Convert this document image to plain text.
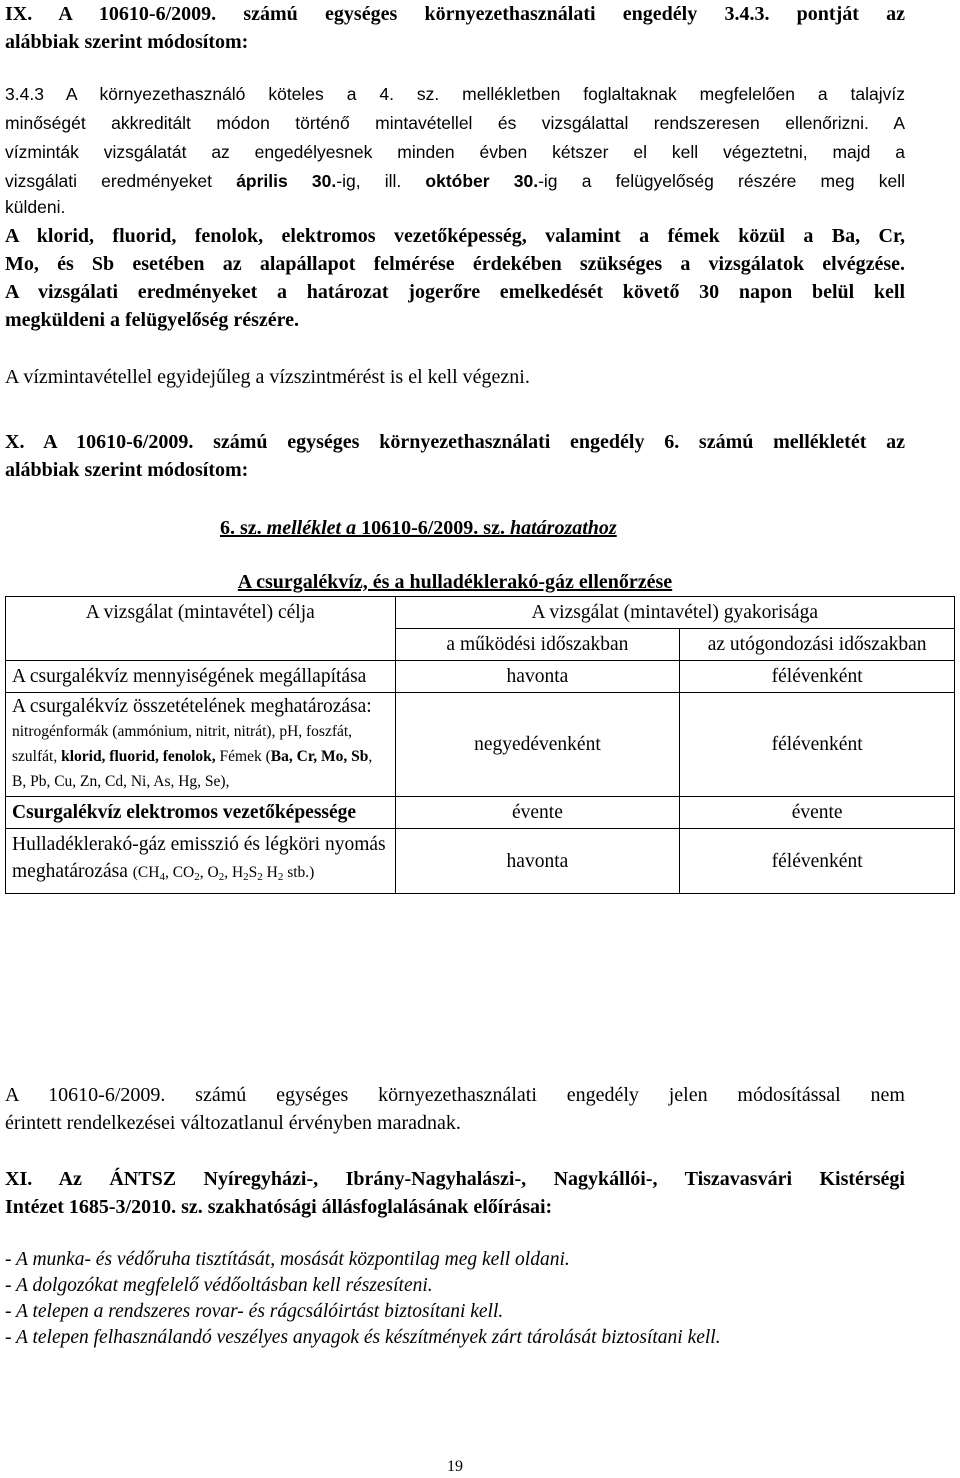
IX. A 10610-6/2009. számú egységes környezethasználati engedély 3.4.3. pontját az

alábbiak szerint módosítom:

3.4.3 A környezethasználó köteles a 4. sz. mellékletben foglaltaknak megfelelően a talajvíz

minőségét akkreditált módon történő mintavétellel és vizsgálattal rendszeresen ellenőrizni. A

vízminták vizsgálatát az engedélyesnek minden évben kétszer el kell végeztetni, majd a

vizsgálati eredményeket április 30.-ig, ill. október 30.-ig a felügyelőség részére meg kell

küldeni.

A klorid, fluorid, fenolok, elektromos vezetőképesség, valamint a fémek közül a Ba, Cr,

Mo, és Sb esetében az alapállapot felmérése érdekében szükséges a vizsgálatok elvégzése.

A vizsgálati eredményeket a határozat jogerőre emelkedését követő 30 napon belül kell

megküldeni a felügyelőség részére.

A vízmintavétellel egyidejűleg a vízszintmérést is el kell végezni.

X. A 10610-6/2009. számú egységes környezethasználati engedély 6. számú mellékletét az

alábbiak szerint módosítom:

6. sz. melléklet a 10610-6/2009. sz. határozathoz

A csurgalékvíz, és a hulladéklerakó-gáz ellenőrzése
A vizsgálat (mintavétel) célja	A vizsgálat (mintavétel) gyakorisága	
	a működési időszakban	az utógondozási időszakban
A csurgalékvíz mennyiségének megállapítása	havonta	félévenként
A csurgalékvíz összetételének meghatározása: nitrogénformák (ammónium, nitrit, nitrát), pH, foszfát, szulfát, klorid, fluorid, fenolok, Fémek (Ba, Cr, Mo, Sb, B, Pb, Cu, Zn, Cd, Ni, As, Hg, Se),	negyedévenként	félévenként
Csurgalékvíz elektromos vezetőképessége	évente	évente
Hulladéklerakó-gáz emisszió és légköri nyomás meghatározása ($CH_4$, $CO_2$, $O_2$, $H_2S_2$ $H_2$ stb.)	havonta	félévenként

A 10610-6/2009. számú egységes környezethasználati engedély jelen módosítással nem

érintett rendelkezései változatlanul érvényben maradnak.

XI. Az ÁNTSZ Nyíregyházi-, Ibrány-Nagyhalászi-, Nagykállói-, Tiszavasvári Kistérségi

Intézet 1685-3/2010. sz. szakhatósági állásfoglalásának előírásai:

- A munka- és védőruha tisztítását, mosását központilag meg kell oldani.
- A dolgozókat megfelelő védőoltásban kell részesíteni.
- A telepen a rendszeres rovar- és rágcsálóirtást biztosítani kell.
- A telepen felhasználandó veszélyes anyagok és készítmények zárt tárolását biztosítani kell.
19
